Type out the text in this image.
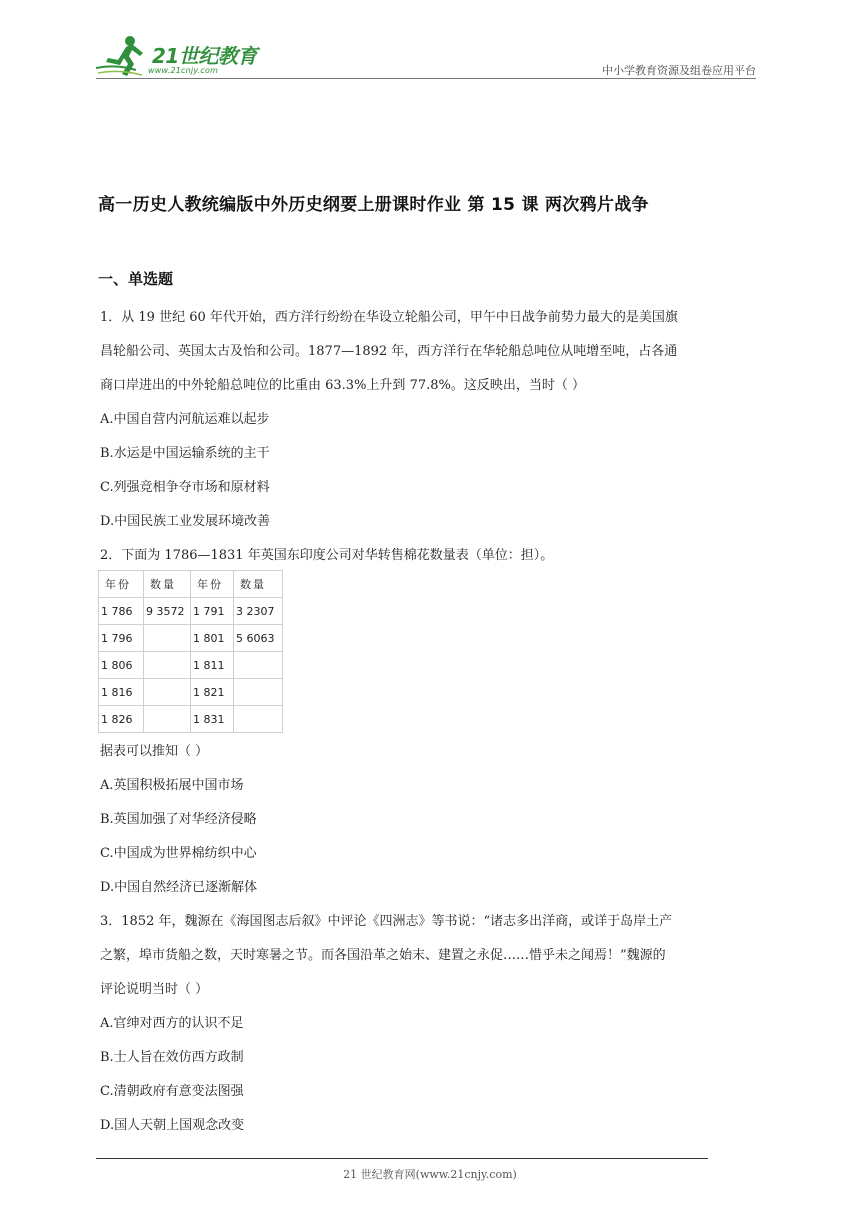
21世纪教育
www.21cnjy.com	中小学教育资源及组卷应用平台
高一历史人教统编版中外历史纲要上册课时作业 第 15 课 两次鸦片战争
一、单选题
1．从 19 世纪 60 年代开始，西方洋行纷纷在华设立轮船公司，甲午中日战争前势力最大的是美国旗
昌轮船公司、英国太古及怡和公司。1877—1892 年，西方洋行在华轮船总吨位从吨增至吨，占各通
商口岸进出的中外轮船总吨位的比重由 63.3%上升到 77.8%。这反映出，当时（ ）
A.中国自营内河航运难以起步
B.水运是中国运输系统的主干
C.列强竞相争夺市场和原材料
D.中国民族工业发展环境改善
2．下面为 1786—1831 年英国东印度公司对华转售棉花数量表（单位：担）。
年份	数量	年份	数量
1 786	9 3572	1 791	3 2307
1 796		1 801	5 6063
1 806		1 811	
1 816		1 821	
1 826		1 831	
据表可以推知（ ）
A.英国积极拓展中国市场
B.英国加强了对华经济侵略
C.中国成为世界棉纺织中心
D.中国自然经济已逐渐解体
3．1852 年，魏源在《海国图志后叙》中评论《四洲志》等书说：“诸志多出洋商，或详于岛岸土产
之繁，埠市货船之数，天时寒暑之节。而各国沿革之始末、建置之永促……惜乎未之闻焉！”魏源的
评论说明当时（ ）
A.官绅对西方的认识不足
B.士人旨在效仿西方政制
C.清朝政府有意变法图强
D.国人天朝上国观念改变
21 世纪教育网(www.21cnjy.com)
